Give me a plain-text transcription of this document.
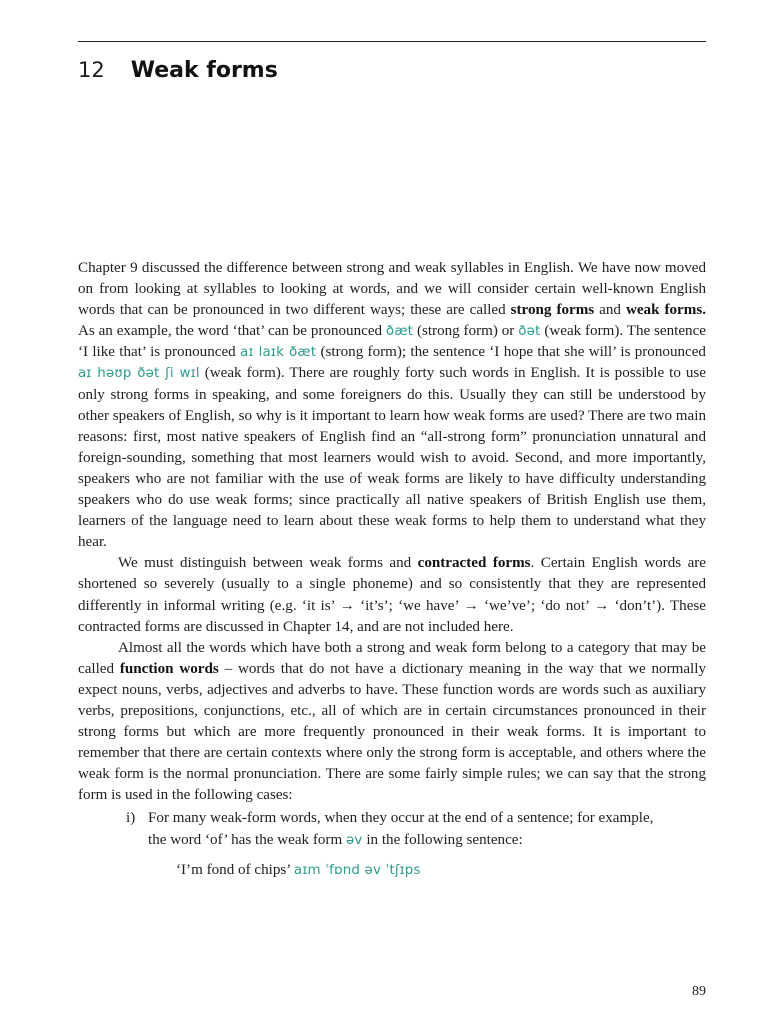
12 Weak forms

Chapter 9 discussed the difference between strong and weak syllables in English. We have now moved on from looking at syllables to looking at words, and we will consider certain well-known English words that can be pronounced in two different ways; these are called strong forms and weak forms. As an example, the word ‘that’ can be pronounced ðæt (strong form) or ðət (weak form). The sentence ‘I like that’ is pronounced aɪ laɪk ðæt (strong form); the sentence ‘I hope that she will’ is pronounced aɪ həʊp ðət ʃi wɪl (weak form). There are roughly forty such words in English. It is possible to use only strong forms in speaking, and some foreigners do this. Usually they can still be understood by other speakers of English, so why is it important to learn how weak forms are used? There are two main reasons: first, most native speakers of English find an “all-strong form” pronunciation unnatural and foreign-sounding, something that most learners would wish to avoid. Second, and more importantly, speakers who are not familiar with the use of weak forms are likely to have difficulty understanding speakers who do use weak forms; since practically all native speakers of British English use them, learners of the language need to learn about these weak forms to help them to understand what they hear.

We must distinguish between weak forms and contracted forms. Certain English words are shortened so severely (usually to a single phoneme) and so consistently that they are represented differently in informal writing (e.g. ‘it is’ → ‘it’s’; ‘we have’ → ‘we’ve’; ‘do not’ → ‘don’t’). These contracted forms are discussed in Chapter 14, and are not included here.

Almost all the words which have both a strong and weak form belong to a category that may be called function words – words that do not have a dictionary meaning in the way that we normally expect nouns, verbs, adjectives and adverbs to have. These function words are words such as auxiliary verbs, prepositions, conjunctions, etc., all of which are in certain circumstances pronounced in their strong forms but which are more frequently pronounced in their weak forms. It is important to remember that there are certain contexts where only the strong form is acceptable, and others where the weak form is the normal pronunciation. There are some fairly simple rules; we can say that the strong form is used in the following cases:

i) For many weak-form words, when they occur at the end of a sentence; for example, the word ‘of’ has the weak form əv in the following sentence:
‘I’m fond of chips’ aɪm ˈfɒnd əv ˈtʃɪps
89
